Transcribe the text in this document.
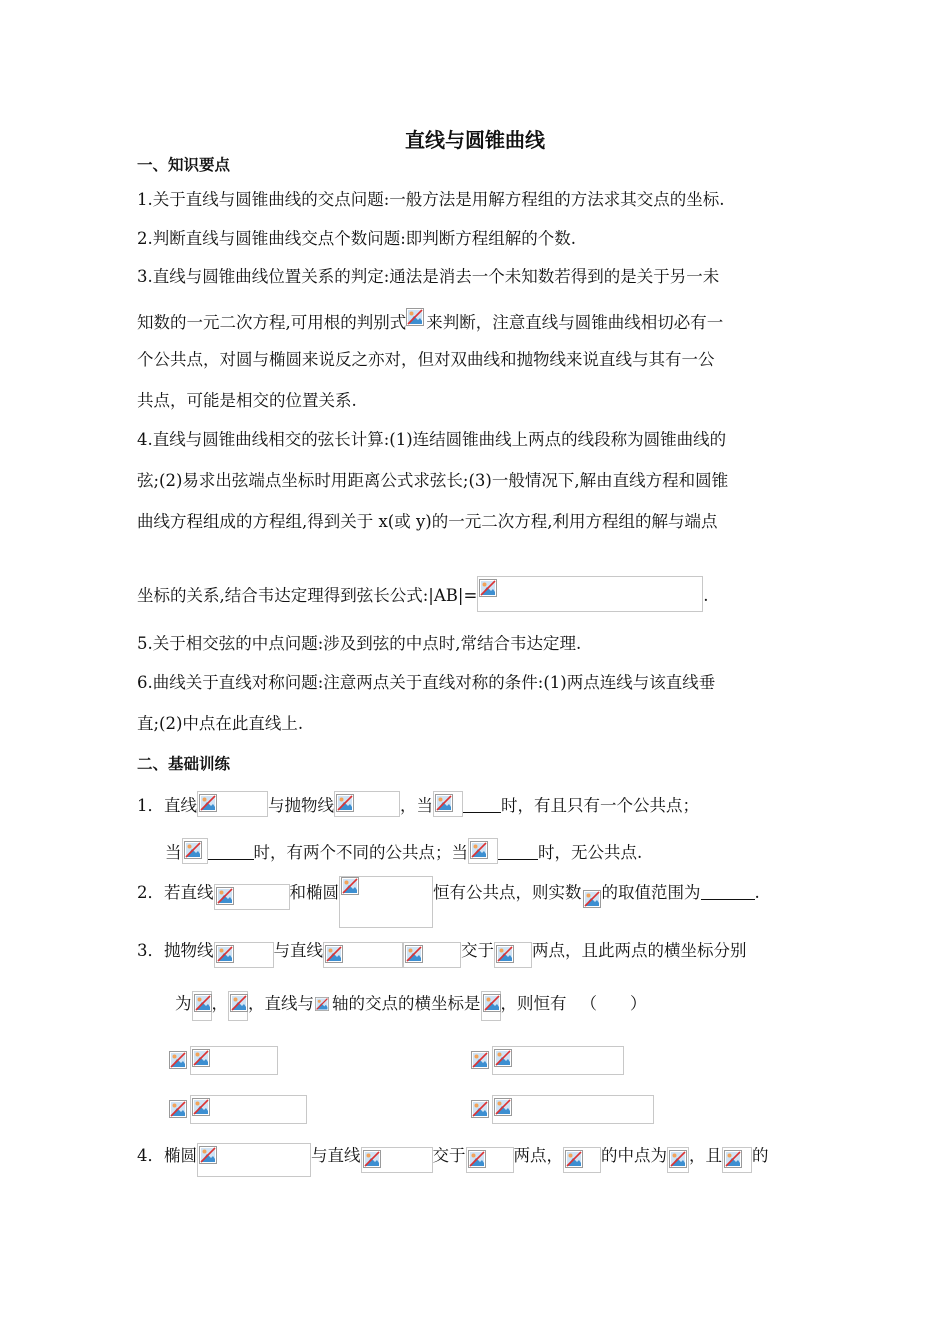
直线与圆锥曲线
一、知识要点
1.关于直线与圆锥曲线的交点问题:一般方法是用解方程组的方法求其交点的坐标.
2.判断直线与圆锥曲线交点个数问题:即判断方程组解的个数.
3.直线与圆锥曲线位置关系的判定:通法是消去一个未知数若得到的是关于另一未
知数的一元二次方程,可用根的判别式 来判断，注意直线与圆锥曲线相切必有一
个公共点，对圆与椭圆来说反之亦对，但对双曲线和抛物线来说直线与其有一公
共点，可能是相交的位置关系.
4.直线与圆锥曲线相交的弦长计算:(1)连结圆锥曲线上两点的线段称为圆锥曲线的
弦;(2)易求出弦端点坐标时用距离公式求弦长;(3)一般情况下,解由直线方程和圆锥
曲线方程组成的方程组,得到关于 x(或 y)的一元二次方程,利用方程组的解与端点
坐标的关系,结合韦达定理得到弦长公式:|AB|=	.
5.关于相交弦的中点问题:涉及到弦的中点时,常结合韦达定理.
6.曲线关于直线对称问题:注意两点关于直线对称的条件:(1)两点连线与该直线垂
直;(2)中点在此直线上.
二、基础训练
1．直线	与抛物线	，当	时，有且只有一个公共点；
当	时，有两个不同的公共点；当	时，无公共点.
2．若直线	和椭圆	恒有公共点，则实数 的取值范围为	.
3．抛物线	与直线	交于 两点，且此两点的横坐标分别
为 ， ，直线与 轴的交点的横坐标是 ，则恒有 （　　）
4．椭圆	与直线	交于	两点， 的中点为 ，且 的
